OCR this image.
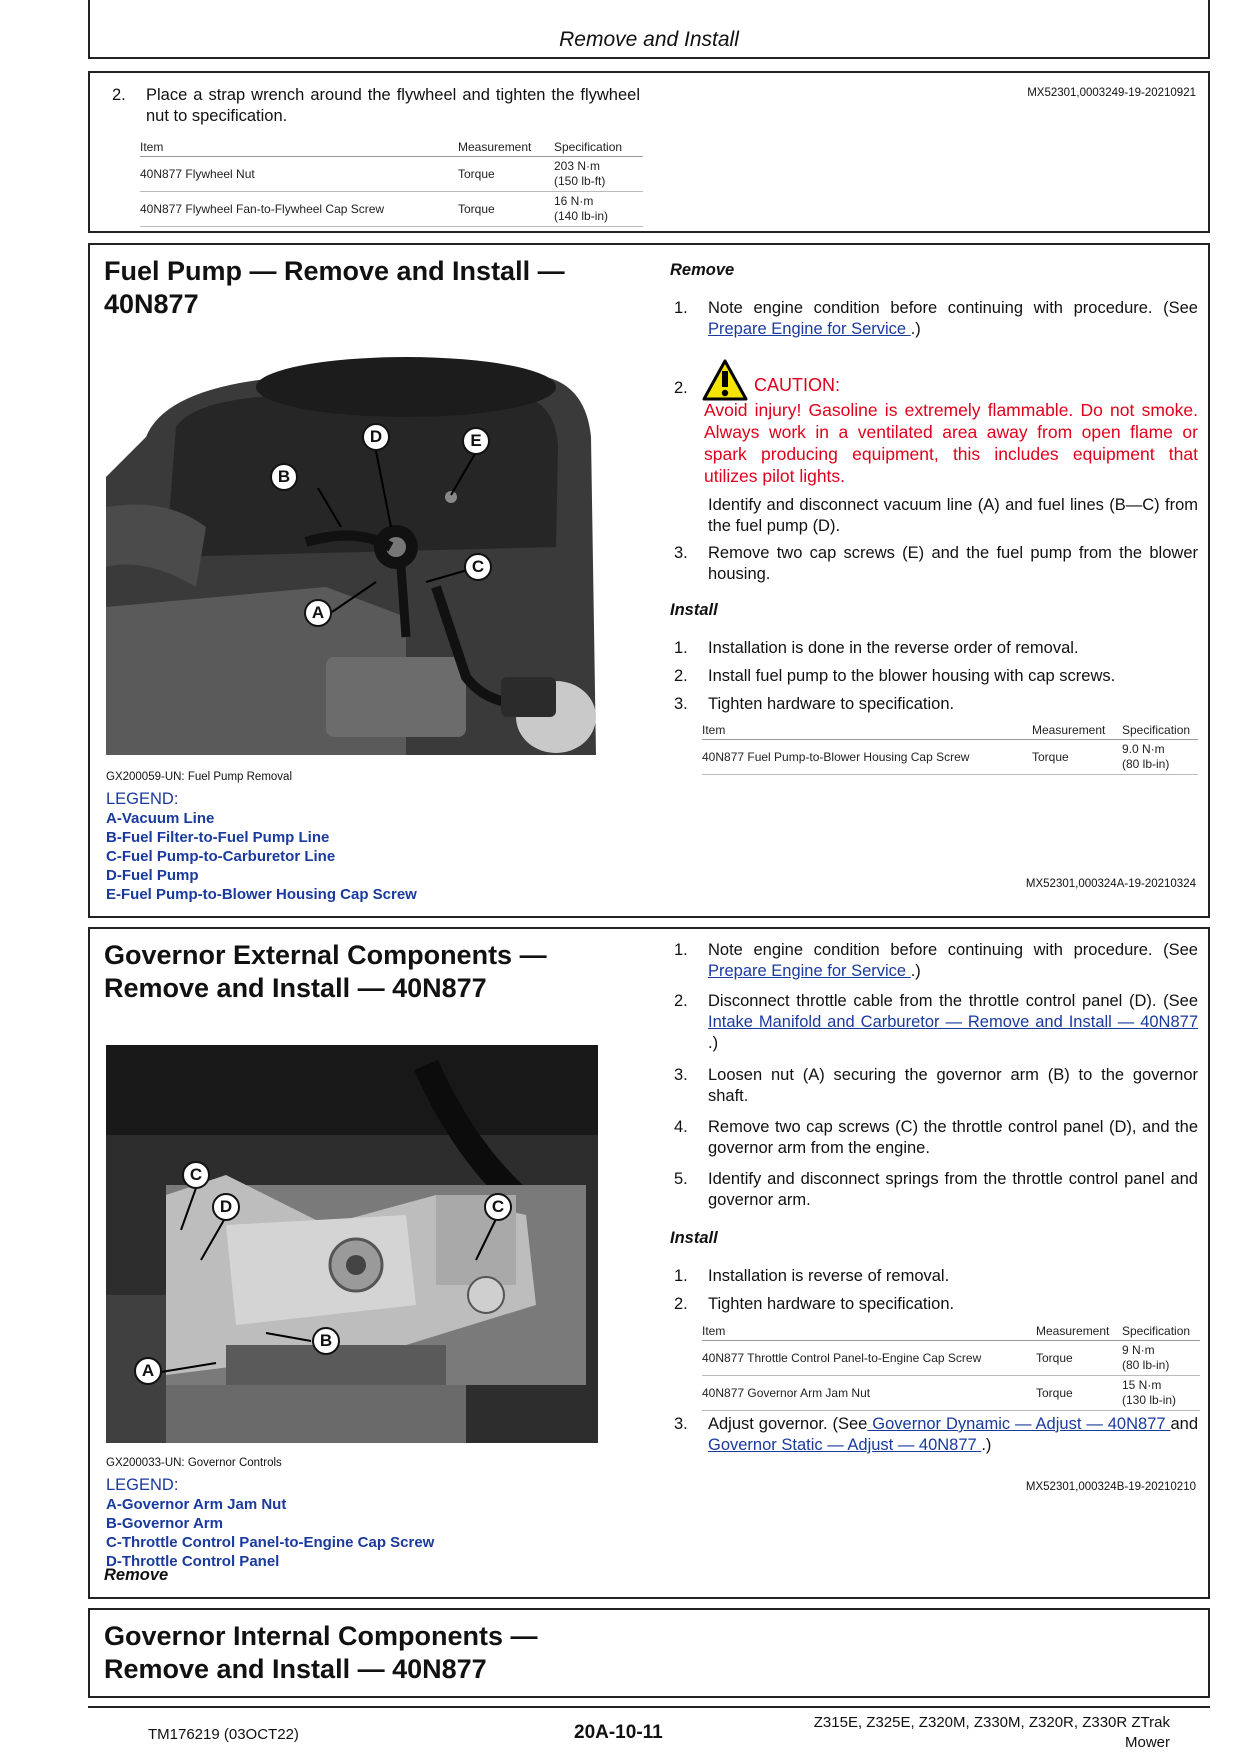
Remove and Install
2.	Place a strap wrench around the flywheel and tighten the flywheel nut to specification.
MX52301,0003249-19-20210921
Item	Measurement	Specification
40N877 Flywheel Nut	Torque	203 N·m
(150 lb-ft)
40N877 Flywheel Fan-to-Flywheel Cap Screw	Torque	16 N·m
(140 lb-in)
Fuel Pump — Remove and Install —
40N877
A
B
C
D	E
GX200059-UN: Fuel Pump Removal
LEGEND:
A-Vacuum Line
B-Fuel Filter-to-Fuel Pump Line
C-Fuel Pump-to-Carburetor Line
D-Fuel Pump
E-Fuel Pump-to-Blower Housing Cap Screw
Remove
1.	Note engine condition before continuing with procedure. (See Prepare Engine for Service .)
2.	CAUTION:
Avoid injury! Gasoline is extremely flammable. Do not smoke. Always work in a ventilated area away from open flame or spark producing equipment, this includes equipment that utilizes pilot lights.
Identify and disconnect vacuum line (A) and fuel lines (B—C) from the fuel pump (D).
3.	Remove two cap screws (E) and the fuel pump from the blower housing.
Install
1.	Installation is done in the reverse order of removal.
2.	Install fuel pump to the blower housing with cap screws.
3.	Tighten hardware to specification.
Item	Measurement	Specification
40N877 Fuel Pump-to-Blower Housing Cap Screw	Torque	9.0 N·m
(80 lb-in)
MX52301,000324A-19-20210324
Governor External Components —
Remove and Install — 40N877
A
B
C
C
D
GX200033-UN: Governor Controls
LEGEND:
A-Governor Arm Jam Nut
B-Governor Arm
C-Throttle Control Panel-to-Engine Cap Screw
D-Throttle Control Panel
Remove
1.	Note engine condition before continuing with procedure. (See Prepare Engine for Service .)
2.	Disconnect throttle cable from the throttle control panel (D). (See Intake Manifold and Carburetor — Remove and Install — 40N877 .)
3.	Loosen nut (A) securing the governor arm (B) to the governor shaft.
4.	Remove two cap screws (C) the throttle control panel (D), and the governor arm from the engine.
5.	Identify and disconnect springs from the throttle control panel and governor arm.
Install
1.	Installation is reverse of removal.
2.	Tighten hardware to specification.
Item	Measurement	Specification
40N877 Throttle Control Panel-to-Engine Cap Screw	Torque	9 N·m
(80 lb-in)
40N877 Governor Arm Jam Nut	Torque	15 N·m
(130 lb-in)
3.	Adjust governor. (See Governor Dynamic — Adjust — 40N877 and Governor Static — Adjust — 40N877 .)
MX52301,000324B-19-20210210
Governor Internal Components —
Remove and Install — 40N877
TM176219 (03OCT22)	20A-10-11	Z315E, Z325E, Z320M, Z330M, Z320R, Z330R ZTrak
Mower
